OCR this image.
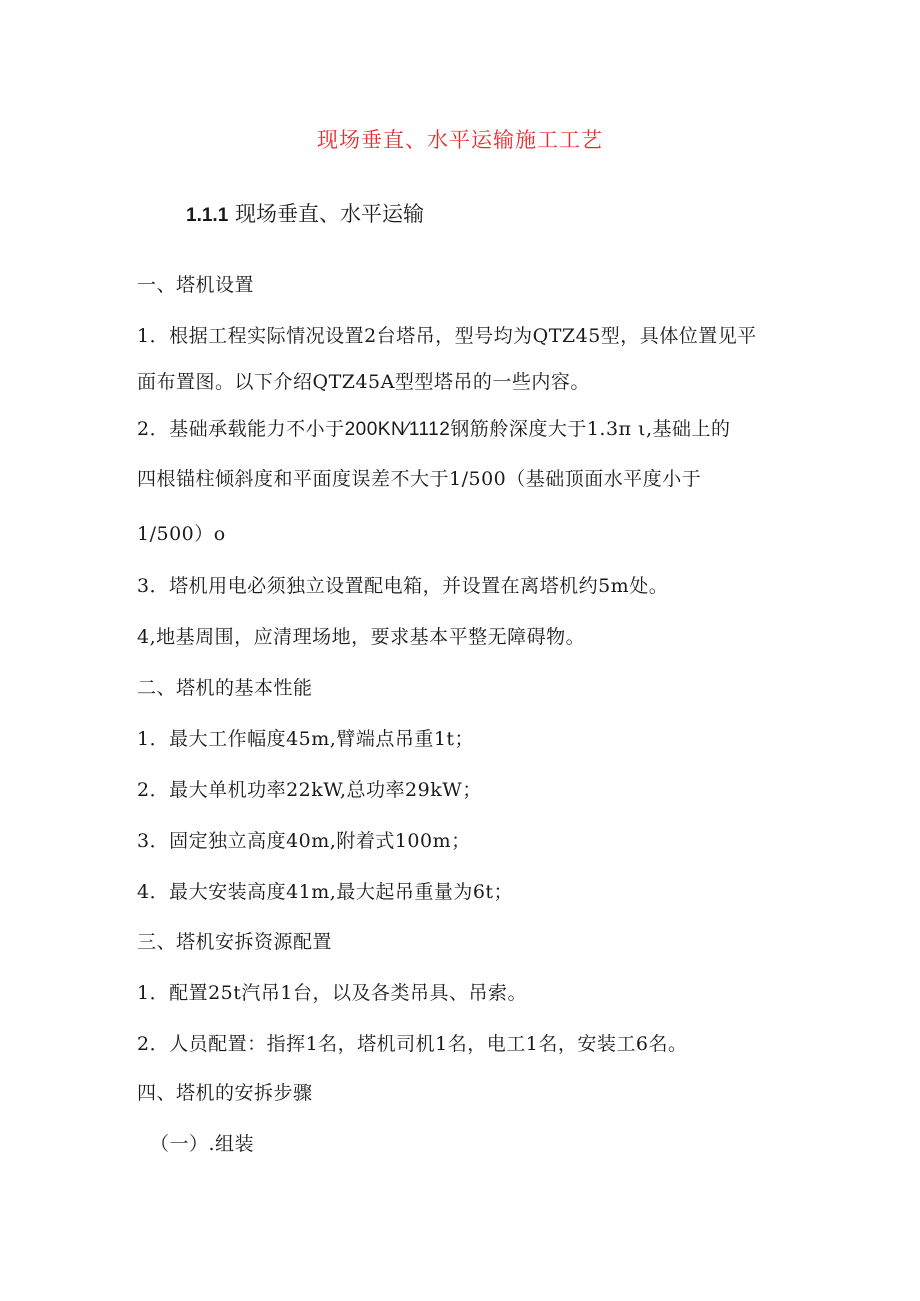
现场垂直、水平运输施工工艺
1.1.1 现场垂直、水平运输
一、塔机设置
1．根据工程实际情况设置2台塔吊，型号均为QTZ45型，具体位置见平
面布置图。以下介绍QTZ45A型型塔吊的一些内容。
2．基础承载能力不小于200KN⁄1112钢筋舲深度大于1.3π ι,基础上的
四根锚柱倾斜度和平面度误差不大于1/500（基础顶面水平度小于
1/500）o
3．塔机用电必须独立设置配电箱，并设置在离塔机约5m处。
4,地基周围，应清理场地，要求基本平整无障碍物。
二、塔机的基本性能
1．最大工作幅度45m,臂端点吊重1t；
2．最大单机功率22kW,总功率29kW；
3．固定独立高度40m,附着式100m；
4．最大安装高度41m,最大起吊重量为6t；
三、塔机安拆资源配置
1．配置25t汽吊1台，以及各类吊具、吊索。
2．人员配置：指挥1名，塔机司机1名，电工1名，安装工6名。
四、塔机的安拆步骤
（一）.组装
